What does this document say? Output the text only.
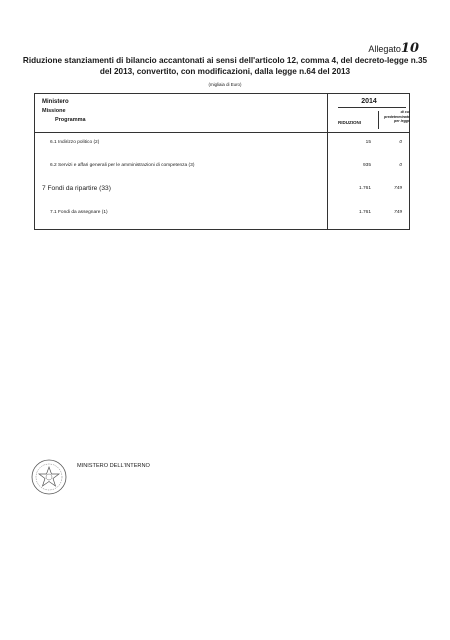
Allegato10
Riduzione stanziamenti di bilancio accantonati ai sensi dell'articolo 12, comma 4, del decreto-legge n.35 del 2013, convertito, con modificazioni, dalla legge n.64 del 2013
(migliaia di Euro)
Ministero
Missione
Programma
2014
RIDUZIONI
di cui predeterminate per legge
6.1 Indirizzo politico (2)	15	0
6.2 Servizi e affari generali per le amministrazioni di competenza (3)	935	0
7 Fondi da ripartire (33)	1.761	749
7.1 Fondi da assegnare (1)	1.761	749
MINISTERO DELL'INTERNO
